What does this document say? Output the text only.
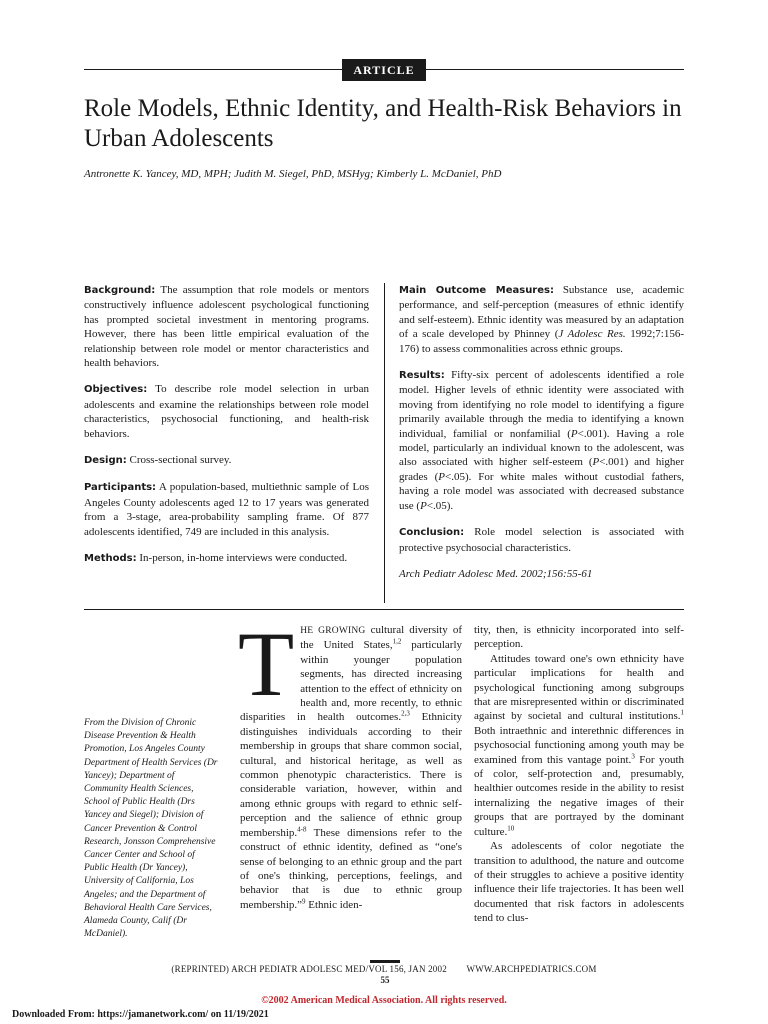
ARTICLE
Role Models, Ethnic Identity, and Health-Risk Behaviors in Urban Adolescents
Antronette K. Yancey, MD, MPH; Judith M. Siegel, PhD, MSHyg; Kimberly L. McDaniel, PhD

Background: The assumption that role models or mentors constructively influence adolescent psychological functioning has prompted societal investment in mentoring programs. However, there has been little empirical evaluation of the relationship between role model or mentor characteristics and health behaviors.

Objectives: To describe role model selection in urban adolescents and examine the relationships between role model characteristics, psychosocial functioning, and health-risk behaviors.

Design: Cross-sectional survey.

Participants: A population-based, multiethnic sample of Los Angeles County adolescents aged 12 to 17 years was generated from a 3-stage, area-probability sampling frame. Of 877 adolescents identified, 749 are included in this analysis.

Methods: In-person, in-home interviews were conducted.

Main Outcome Measures: Substance use, academic performance, and self-perception (measures of ethnic identify and self-esteem). Ethnic identity was measured by an adaptation of a scale developed by Phinney (J Adolesc Res. 1992;7:156-176) to assess commonalities across ethnic groups.

Results: Fifty-six percent of adolescents identified a role model. Higher levels of ethnic identity were associated with moving from identifying no role model to identifying a figure primarily available through the media to identifying a known individual, familial or nonfamilial (P<.001). Having a role model, particularly an individual known to the adolescent, was also associated with higher self-esteem (P<.001) and higher grades (P<.05). For white males without custodial fathers, having a role model was associated with decreased substance use (P<.05).

Conclusion: Role model selection is associated with protective psychosocial characteristics.

Arch Pediatr Adolesc Med. 2002;156:55-61

From the Division of Chronic Disease Prevention & Health Promotion, Los Angeles County Department of Health Services (Dr Yancey); Department of Community Health Sciences, School of Public Health (Drs Yancey and Siegel); Division of Cancer Prevention & Control Research, Jonsson Comprehensive Cancer Center and School of Public Health (Dr Yancey), University of California, Los Angeles; and the Department of Behavioral Health Care Services, Alameda County, Calif (Dr McDaniel).

THE GROWING cultural diversity of the United States,$^{1,2}$ particularly within younger population segments, has directed increasing attention to the effect of ethnicity on health and, more recently, to ethnic disparities in health outcomes.$^{2,3}$ Ethnicity distinguishes individuals according to their membership in groups that share common social, cultural, and historical heritage, as well as common phenotypic characteristics. There is considerable variation, however, within and among ethnic groups with regard to ethnic self-perception and the salience of ethnic group membership.$^{4-8}$ These dimensions refer to the construct of ethnic identity, defined as “one's sense of belonging to an ethnic group and the part of one's thinking, perceptions, feelings, and behavior that is due to ethnic group membership.”$^9$ Ethnic iden-

tity, then, is ethnicity incorporated into self-perception.

Attitudes toward one's own ethnicity have particular implications for health and psychological functioning among subgroups that are misrepresented within or discriminated against by societal and cultural institutions.$^1$ Both intraethnic and interethnic differences in psychosocial functioning among youth may be examined from this vantage point.$^3$ For youth of color, self-protection and, presumably, healthier outcomes reside in the ability to resist internalizing the negative images of their groups that are portrayed by the dominant culture.$^{10}$

As adolescents of color negotiate the transition to adulthood, the nature and outcome of their struggles to achieve a positive identity influence their life trajectories. It has been well documented that risk factors in adolescents tend to clus-

(REPRINTED) ARCH PEDIATR ADOLESC MED/VOL 156, JAN 2002        WWW.ARCHPEDIATRICS.COM
55
©2002 American Medical Association. All rights reserved.
Downloaded From: https://jamanetwork.com/ on 11/19/2021
